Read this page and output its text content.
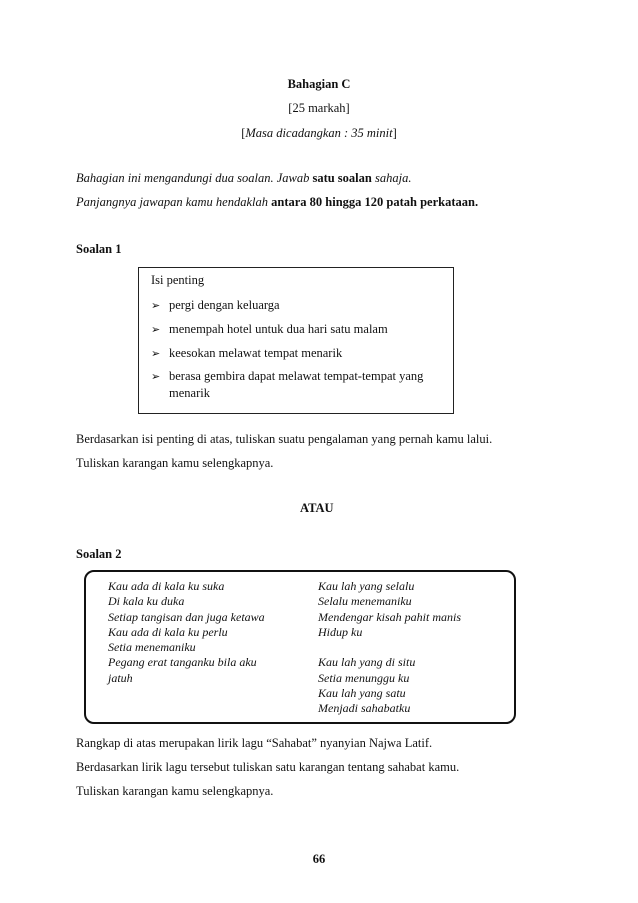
Bahagian C
[25 markah]
[Masa dicadangkan : 35 minit]
Bahagian ini mengandungi dua soalan. Jawab satu soalan sahaja.
Panjangnya jawapan kamu hendaklah antara 80 hingga 120 patah perkataan.
Soalan 1
Isi penting
➢ pergi dengan keluarga
➢ menempah hotel untuk dua hari satu malam
➢ keesokan melawat tempat menarik
➢ berasa gembira dapat melawat tempat-tempat yang menarik
Berdasarkan isi penting di atas, tuliskan suatu pengalaman yang pernah kamu lalui.
Tuliskan karangan kamu selengkapnya.
ATAU
Soalan 2
Kau ada di kala ku suka
Di kala ku duka
Setiap tangisan dan juga ketawa
Kau ada di kala ku perlu
Setia menemaniku
Pegang erat tanganku bila aku
jatuh
Kau lah yang selalu
Selalu menemaniku
Mendengar kisah pahit manis
Hidup ku
Kau lah yang di situ
Setia menunggu ku
Kau lah yang satu
Menjadi sahabatku
Rangkap di atas merupakan lirik lagu “Sahabat” nyanyian Najwa Latif.
Berdasarkan lirik lagu tersebut tuliskan satu karangan tentang sahabat kamu.
Tuliskan karangan kamu selengkapnya.
66
